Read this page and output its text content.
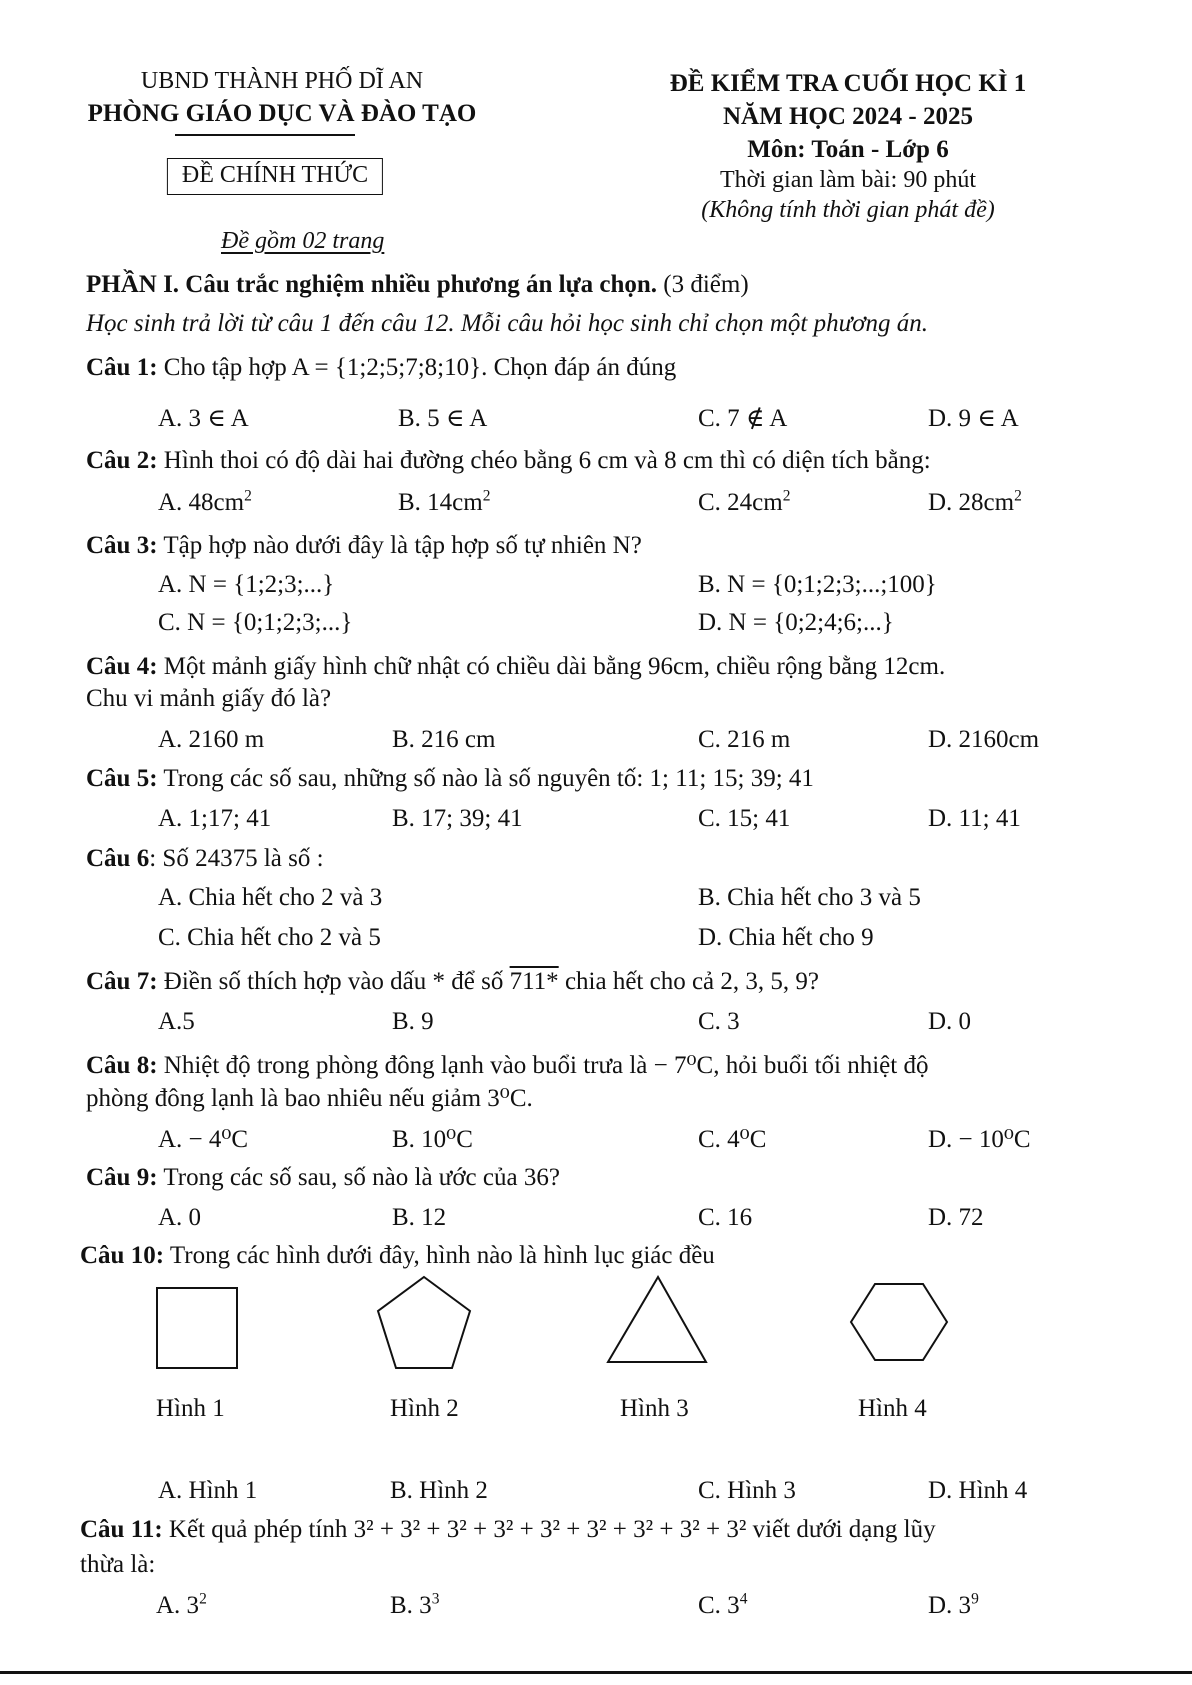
UBND THÀNH PHỐ DĨ AN
PHÒNG GIÁO DỤC VÀ ĐÀO TẠO
ĐỀ CHÍNH THỨC
Đề gồm 02 trang
ĐỀ KIỂM TRA CUỐI HỌC KÌ 1
NĂM HỌC 2024 - 2025
Môn: Toán - Lớp 6
Thời gian làm bài: 90 phút
(Không tính thời gian phát đề)
PHẦN I. Câu trắc nghiệm nhiều phương án lựa chọn. (3 điểm)
Học sinh trả lời từ câu 1 đến câu 12. Mỗi câu hỏi học sinh chỉ chọn một phương án.
Câu 1: Cho tập hợp A = {1;2;5;7;8;10}. Chọn đáp án đúng
A. 3 ∈ A	B. 5 ∈ A	C. 7 ∉ A	D. 9 ∈ A
Câu 2: Hình thoi có độ dài hai đường chéo bằng 6 cm và 8 cm thì có diện tích bằng:
A. $48cm^2$	B. $14cm^2$	C. $24cm^2$	D. $28cm^2$
Câu 3: Tập hợp nào dưới đây là tập hợp số tự nhiên N?
A. N = {1;2;3;...}	B. N = {0;1;2;3;...;100}
C. N = {0;1;2;3;...}	D. N = {0;2;4;6;...}
Câu 4: Một mảnh giấy hình chữ nhật có chiều dài bằng 96cm, chiều rộng bằng 12cm.
Chu vi mảnh giấy đó là?
A. 2160 m	B. 216 cm	C. 216 m	D. 2160cm
Câu 5: Trong các số sau, những số nào là số nguyên tố: 1; 11; 15; 39; 41
A. 1;17; 41	B. 17; 39; 41	C. 15; 41	D. 11; 41
Câu 6: Số 24375 là số :
A. Chia hết cho 2 và 3	B. Chia hết cho 3 và 5
C. Chia hết cho 2 và 5	D. Chia hết cho 9
Câu 7: Điền số thích hợp vào dấu * để số 711* chia hết cho cả 2, 3, 5, 9?
A.5	B. 9	C. 3	D. 0
Câu 8: Nhiệt độ trong phòng đông lạnh vào buổi trưa là − 7⁰C, hỏi buổi tối nhiệt độ
phòng đông lạnh là bao nhiêu nếu giảm 3⁰C.
A. − 4⁰C	B. 10⁰C	C. 4⁰C	D. − 10⁰C
Câu 9: Trong các số sau, số nào là ước của 36?
A. 0	B. 12	C. 16	D. 72
Câu 10: Trong các hình dưới đây, hình nào là hình lục giác đều
Hình 1	Hình 2	Hình 3	Hình 4
A. Hình 1	B. Hình 2	C. Hình 3	D. Hình 4
Câu 11: Kết quả phép tính 3² + 3² + 3² + 3² + 3² + 3² + 3² + 3² + 3² viết dưới dạng lũy
thừa là:
A. $3^2$	B. $3^3$	C. $3^4$	D. $3^9$
